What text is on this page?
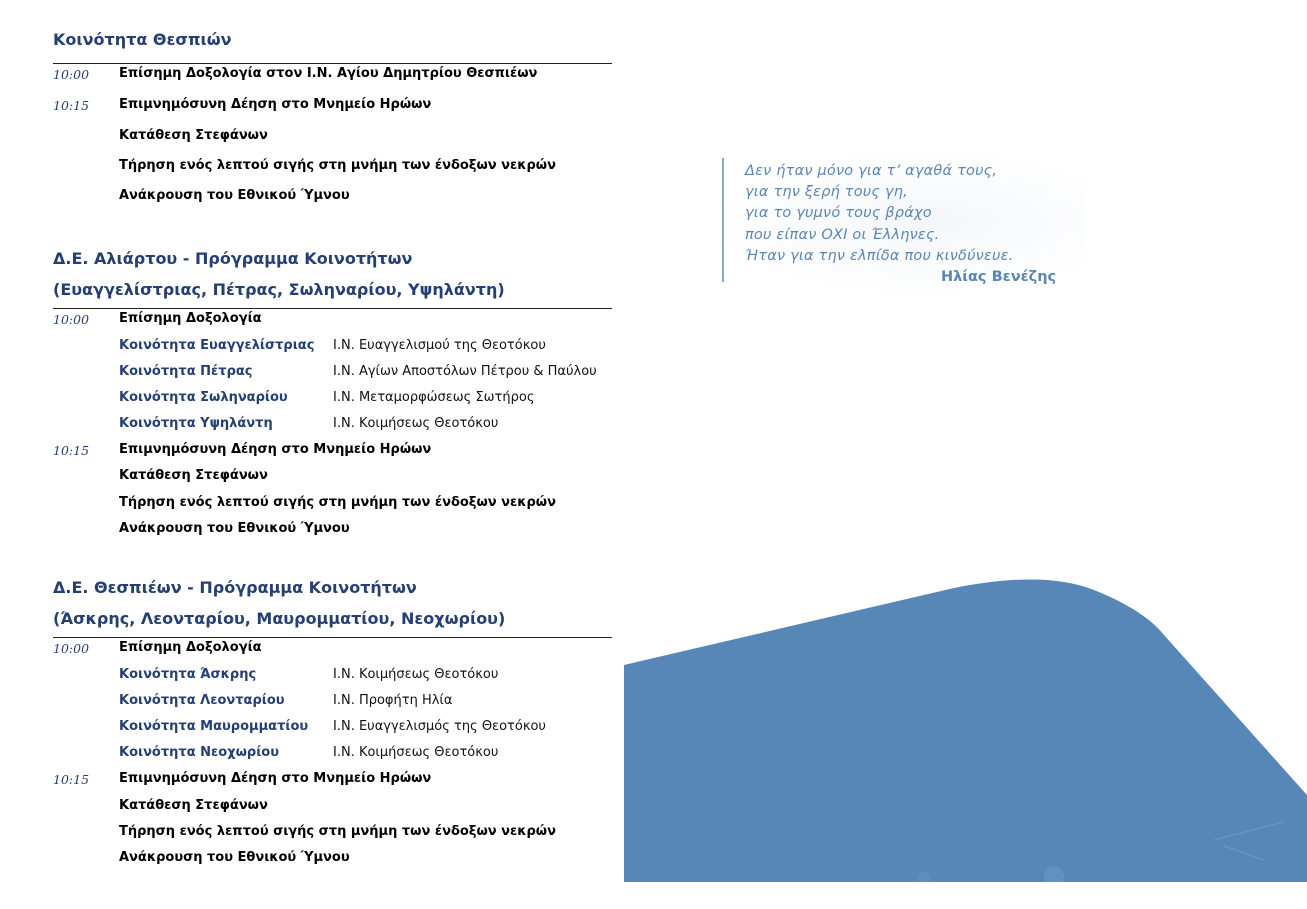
Κοινότητα Θεσπιών
10:00 Επίσημη Δοξολογία στον Ι.Ν. Αγίου Δημητρίου Θεσπιέων
10:15 Επιμνημόσυνη Δέηση στο Μνημείο Ηρώων
Κατάθεση Στεφάνων
Τήρηση ενός λεπτού σιγής στη μνήμη των ένδοξων νεκρών
Ανάκρουση του Εθνικού Ύμνου
Δ.Ε. Αλιάρτου - Πρόγραμμα Κοινοτήτων
(Ευαγγελίστριας, Πέτρας, Σωληναρίου, Υψηλάντη)
10:00 Επίσημη Δοξολογία
Κοινότητα Ευαγγελίστριας Ι.Ν. Ευαγγελισμού της Θεοτόκου
Κοινότητα Πέτρας	Ι.Ν. Αγίων Αποστόλων Πέτρου & Παύλου
Κοινότητα Σωληναρίου	Ι.Ν. Μεταμορφώσεως Σωτήρος
Κοινότητα Υψηλάντη	Ι.Ν. Κοιμήσεως Θεοτόκου
10:15 Επιμνημόσυνη Δέηση στο Μνημείο Ηρώων
Κατάθεση Στεφάνων
Τήρηση ενός λεπτού σιγής στη μνήμη των ένδοξων νεκρών
Ανάκρουση του Εθνικού Ύμνου
Δ.Ε. Θεσπιέων - Πρόγραμμα Κοινοτήτων
(Άσκρης, Λεονταρίου, Μαυρομματίου, Νεοχωρίου)
10:00 Επίσημη Δοξολογία
Κοινότητα Άσκρης	Ι.Ν. Κοιμήσεως Θεοτόκου
Κοινότητα Λεονταρίου	Ι.Ν. Προφήτη Ηλία
Κοινότητα Μαυρομματίου Ι.Ν. Ευαγγελισμός της Θεοτόκου
Κοινότητα Νεοχωρίου	Ι.Ν. Κοιμήσεως Θεοτόκου
10:15 Επιμνημόσυνη Δέηση στο Μνημείο Ηρώων
Κατάθεση Στεφάνων
Τήρηση ενός λεπτού σιγής στη μνήμη των ένδοξων νεκρών
Ανάκρουση του Εθνικού Ύμνου
Δεν ήταν μόνο για τ’ αγαθά τους,
για την ξερή τους γη,
για το γυμνό τους βράχο
που είπαν ΟΧΙ οι Έλληνες.
Ήταν για την ελπίδα που κινδύνευε.
Ηλίας Βενέζης
